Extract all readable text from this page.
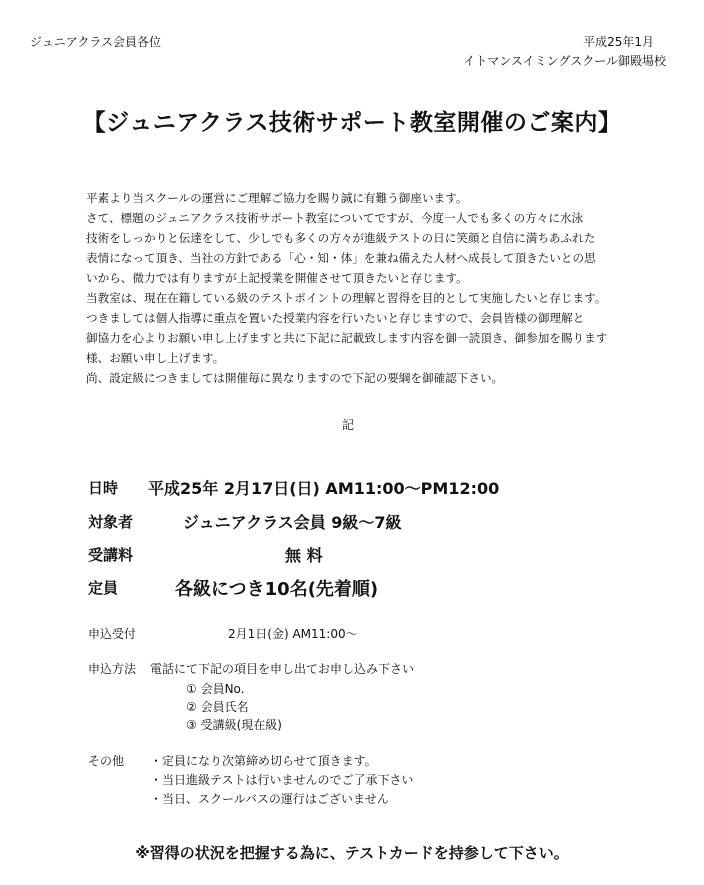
ジュニアクラス会員各位	平成25年1月
イトマンスイミングスクール御殿場校
【ジュニアクラス技術サポート教室開催のご案内】
平素より当スクールの運営にご理解ご協力を賜り誠に有難う御座います。
さて、標題のジュニアクラス技術サポート教室についてですが、今度一人でも多くの方々に水泳
技術をしっかりと伝達をして、少しでも多くの方々が進級テストの日に笑顔と自信に満ちあふれた
表情になって頂き、当社の方針である「心・知・体」を兼ね備えた人材へ成長して頂きたいとの思
いから、微力では有りますが上記授業を開催させて頂きたいと存じます。
当教室は、現在在籍している級のテストポイントの理解と習得を目的として実施したいと存じます。
つきましては個人指導に重点を置いた授業内容を行いたいと存じますので、会員皆様の御理解と
御協力を心よりお願い申し上げますと共に下記に記載致します内容を御一読頂き、御参加を賜ります
様、お願い申し上げます。
尚、設定級につきましては開催毎に異なりますので下記の要綱を御確認下さい。
記
日時 平成25年 2月17日(日) AM11:00～PM12:00
対象者	ジュニアクラス会員 9級～7級
受講料	無 料
定員	各級につき10名(先着順)
申込受付	2月1日(金) AM11:00～
申込方法 電話にて下記の項目を申し出てお申し込み下さい
① 会員No.
② 会員氏名
③ 受講級(現在級)
その他 ・定員になり次第締め切らせて頂きます。
・当日進級テストは行いませんのでご了承下さい
・当日、スクールバスの運行はございません
※習得の状況を把握する為に、テストカードを持参して下さい。
